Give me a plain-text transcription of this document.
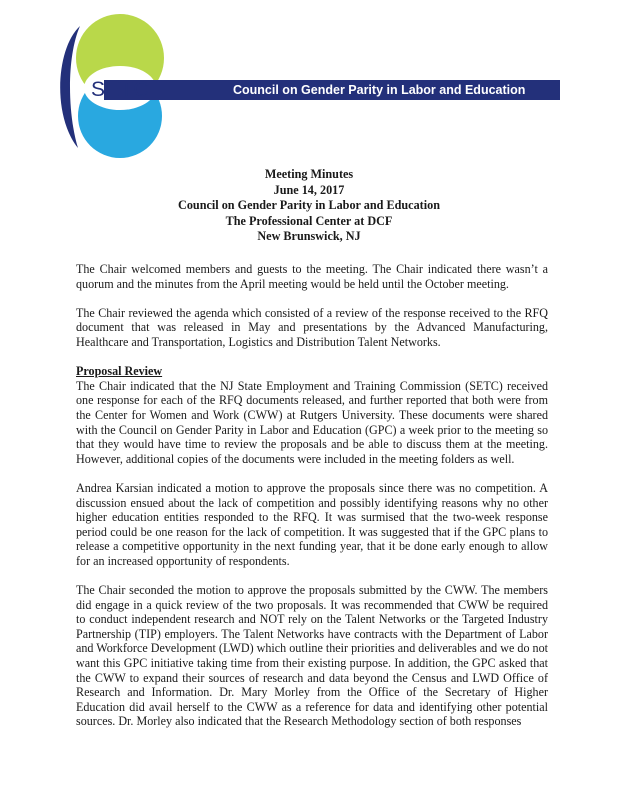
SETC	Council on Gender Parity in Labor and Education
Meeting Minutes
June 14, 2017
Council on Gender Parity in Labor and Education
The Professional Center at DCF
New Brunswick, NJ

The Chair welcomed members and guests to the meeting. The Chair indicated there wasn’t a quorum and the minutes from the April meeting would be held until the October meeting.

The Chair reviewed the agenda which consisted of a review of the response received to the RFQ document that was released in May and presentations by the Advanced Manufacturing, Healthcare and Transportation, Logistics and Distribution Talent Networks.

Proposal Review

The Chair indicated that the NJ State Employment and Training Commission (SETC) received one response for each of the RFQ documents released, and further reported that both were from the Center for Women and Work (CWW) at Rutgers University. These documents were shared with the Council on Gender Parity in Labor and Education (GPC) a week prior to the meeting so that they would have time to review the proposals and be able to discuss them at the meeting. However, additional copies of the documents were included in the meeting folders as well.

Andrea Karsian indicated a motion to approve the proposals since there was no competition. A discussion ensued about the lack of competition and possibly identifying reasons why no other higher education entities responded to the RFQ. It was surmised that the two-week response period could be one reason for the lack of competition. It was suggested that if the GPC plans to release a competitive opportunity in the next funding year, that it be done early enough to allow for an increased opportunity of respondents.

The Chair seconded the motion to approve the proposals submitted by the CWW. The members did engage in a quick review of the two proposals. It was recommended that CWW be required to conduct independent research and NOT rely on the Talent Networks or the Targeted Industry Partnership (TIP) employers. The Talent Networks have contracts with the Department of Labor and Workforce Development (LWD) which outline their priorities and deliverables and we do not want this GPC initiative taking time from their existing purpose. In addition, the GPC asked that the CWW to expand their sources of research and data beyond the Census and LWD Office of Research and Information. Dr. Mary Morley from the Office of the Secretary of Higher Education did avail herself to the CWW as a reference for data and identifying other potential sources. Dr. Morley also indicated that the Research Methodology section of both responses
